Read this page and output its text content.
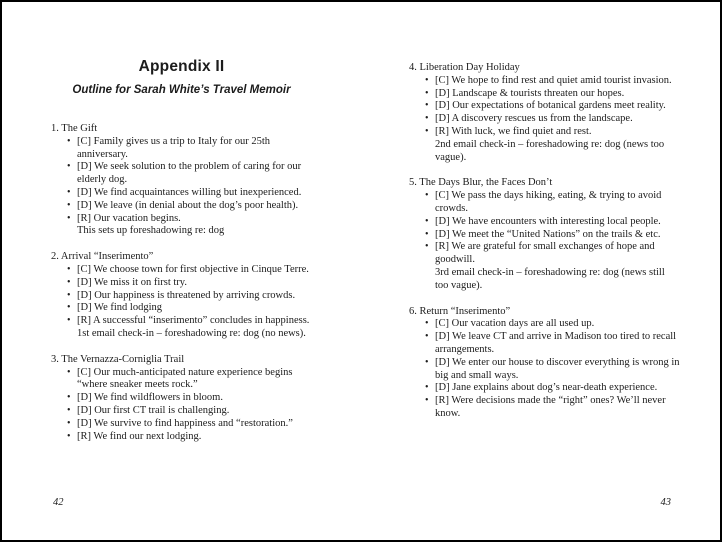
Appendix II
Outline for Sarah White’s Travel Memoir
1. The Gift
• [C] Family gives us a trip to Italy for our 25th anniversary.
• [D] We seek solution to the problem of caring for our
elderly dog.
• [D] We find acquaintances willing but inexperienced.
• [D] We leave (in denial about the dog’s poor health).
• [R] Our vacation begins.
This sets up foreshadowing re: dog
2. Arrival “Inserimento”
• [C] We choose town for first objective in Cinque Terre.
• [D] We miss it on first try.
• [D] Our happiness is threatened by arriving crowds.
• [D] We find lodging
• [R] A successful “inserimento” concludes in happiness.
1st email check-in – foreshadowing re: dog (no news).
3. The Vernazza-Corniglia Trail
• [C] Our much-anticipated nature experience begins
“where sneaker meets rock.”
• [D] We find wildflowers in bloom.
• [D] Our first CT trail is challenging.
• [D] We survive to find happiness and “restoration.”
• [R] We find our next lodging.
42
4. Liberation Day Holiday
• [C] We hope to find rest and quiet amid tourist invasion.
• [D] Landscape & tourists threaten our hopes.
• [D] Our expectations of botanical gardens meet reality.
• [D] A discovery rescues us from the landscape.
• [R] With luck, we find quiet and rest.
2nd email check-in – foreshadowing re: dog (news too
vague).
5. The Days Blur, the Faces Don’t
• [C] We pass the days hiking, eating, & trying to avoid
crowds.
• [D] We have encounters with interesting local people.
• [D] We meet the “United Nations” on the trails & etc.
• [R] We are grateful for small exchanges of hope and
goodwill.
3rd email check-in – foreshadowing re: dog (news still
too vague).
6. Return “Inserimento”
• [C] Our vacation days are all used up.
• [D] We leave CT and arrive in Madison too tired to recall
arrangements.
• [D] We enter our house to discover everything is wrong in
big and small ways.
• [D] Jane explains about dog’s near-death experience.
• [R] Were decisions made the “right” ones? We’ll never know.
43
